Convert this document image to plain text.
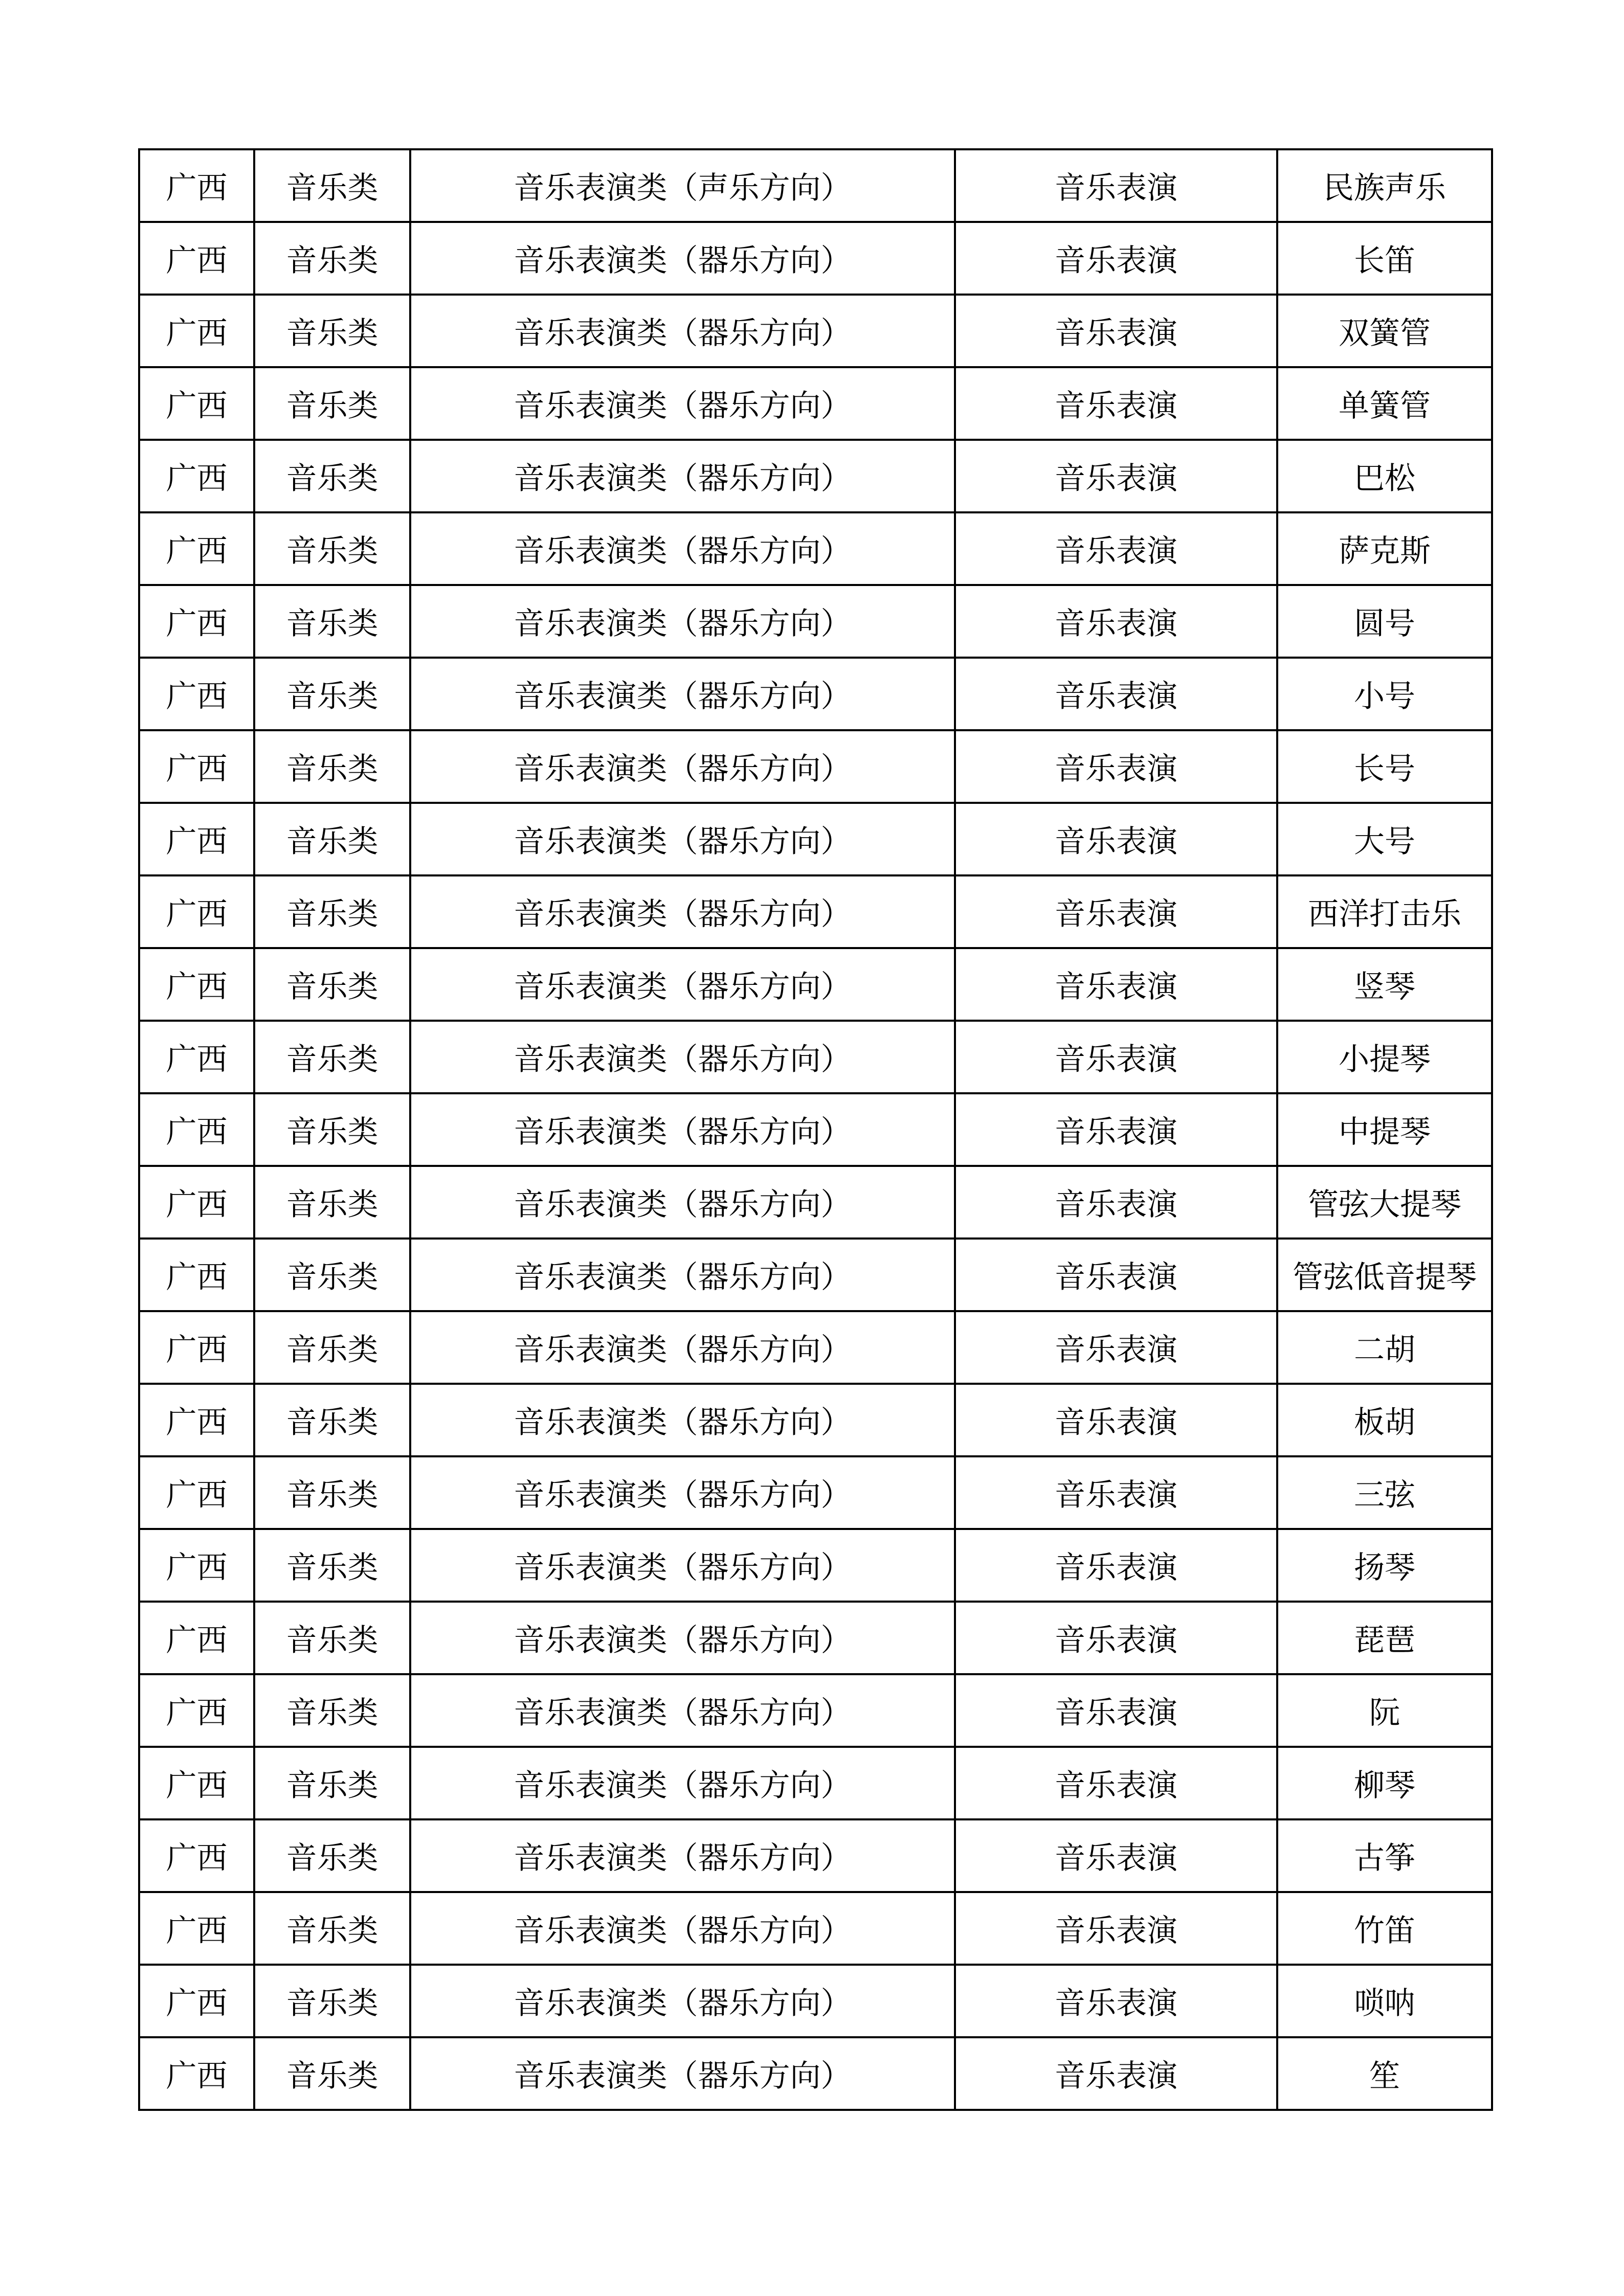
广西	音乐类	音乐表演类（声乐方向）	音乐表演	民族声乐
广西	音乐类	音乐表演类（器乐方向）	音乐表演	长笛
广西	音乐类	音乐表演类（器乐方向）	音乐表演	双簧管
广西	音乐类	音乐表演类（器乐方向）	音乐表演	单簧管
广西	音乐类	音乐表演类（器乐方向）	音乐表演	巴松
广西	音乐类	音乐表演类（器乐方向）	音乐表演	萨克斯
广西	音乐类	音乐表演类（器乐方向）	音乐表演	圆号
广西	音乐类	音乐表演类（器乐方向）	音乐表演	小号
广西	音乐类	音乐表演类（器乐方向）	音乐表演	长号
广西	音乐类	音乐表演类（器乐方向）	音乐表演	大号
广西	音乐类	音乐表演类（器乐方向）	音乐表演	西洋打击乐
广西	音乐类	音乐表演类（器乐方向）	音乐表演	竖琴
广西	音乐类	音乐表演类（器乐方向）	音乐表演	小提琴
广西	音乐类	音乐表演类（器乐方向）	音乐表演	中提琴
广西	音乐类	音乐表演类（器乐方向）	音乐表演	管弦大提琴
广西	音乐类	音乐表演类（器乐方向）	音乐表演	管弦低音提琴
广西	音乐类	音乐表演类（器乐方向）	音乐表演	二胡
广西	音乐类	音乐表演类（器乐方向）	音乐表演	板胡
广西	音乐类	音乐表演类（器乐方向）	音乐表演	三弦
广西	音乐类	音乐表演类（器乐方向）	音乐表演	扬琴
广西	音乐类	音乐表演类（器乐方向）	音乐表演	琵琶
广西	音乐类	音乐表演类（器乐方向）	音乐表演	阮
广西	音乐类	音乐表演类（器乐方向）	音乐表演	柳琴
广西	音乐类	音乐表演类（器乐方向）	音乐表演	古筝
广西	音乐类	音乐表演类（器乐方向）	音乐表演	竹笛
广西	音乐类	音乐表演类（器乐方向）	音乐表演	唢呐
广西	音乐类	音乐表演类（器乐方向）	音乐表演	笙
